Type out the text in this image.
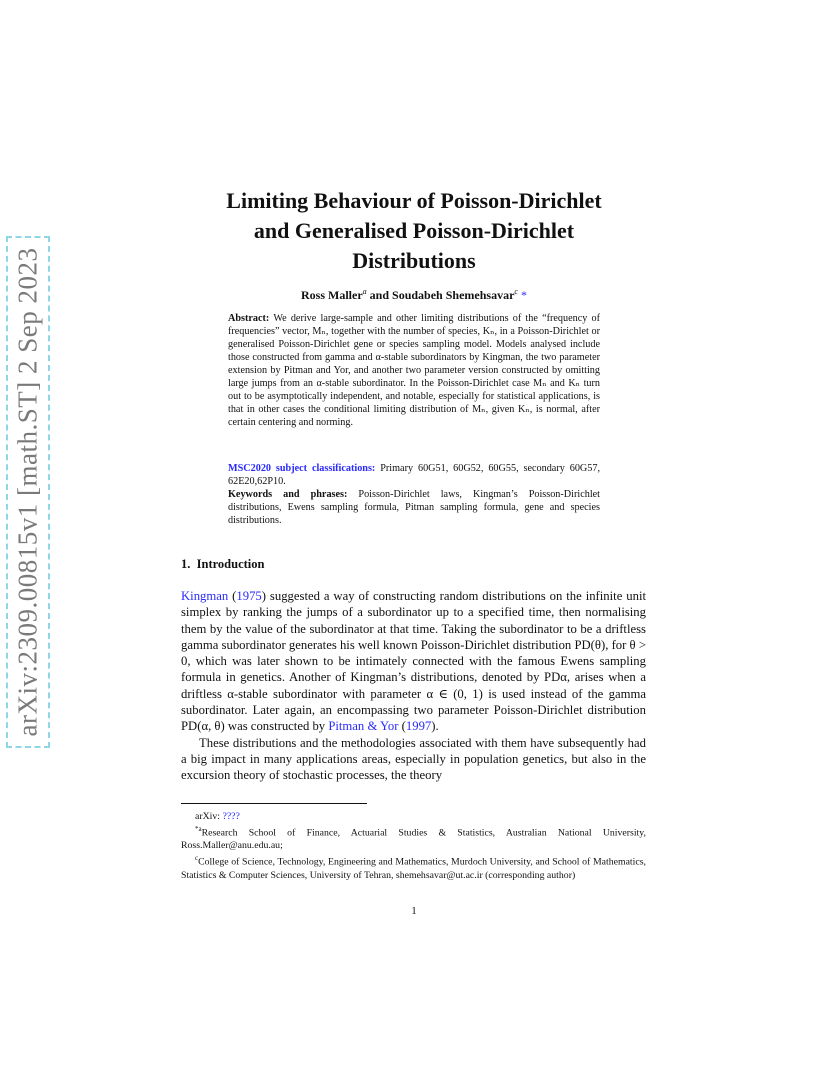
arXiv:2309.00815v1 [math.ST] 2 Sep 2023
Limiting Behaviour of Poisson-Dirichlet
and Generalised Poisson-Dirichlet
Distributions
Ross Maller$^a$ and Soudabeh Shemehsavar$^c$ *
Abstract: We derive large-sample and other limiting distributions of the “frequency of frequencies” vector, Mₙ, together with the number of species, Kₙ, in a Poisson-Dirichlet or generalised Poisson-Dirichlet gene or species sampling model. Models analysed include those constructed from gamma and α-stable subordinators by Kingman, the two parameter extension by Pitman and Yor, and another two parameter version constructed by omitting large jumps from an α-stable subordinator. In the Poisson-Dirichlet case Mₙ and Kₙ turn out to be asymptotically independent, and notable, especially for statistical applications, is that in other cases the conditional limiting distribution of Mₙ, given Kₙ, is normal, after certain centering and norming.
MSC2020 subject classifications: Primary 60G51, 60G52, 60G55, secondary 60G57, 62E20,62P10.
Keywords and phrases: Poisson-Dirichlet laws, Kingman’s Poisson-Dirichlet distributions, Ewens sampling formula, Pitman sampling formula, gene and species distributions.
1. Introduction

Kingman (1975) suggested a way of constructing random distributions on the infinite unit simplex by ranking the jumps of a subordinator up to a specified time, then normalising them by the value of the subordinator at that time. Taking the subordinator to be a driftless gamma subordinator generates his well known Poisson-Dirichlet distribution PD(θ), for θ > 0, which was later shown to be intimately connected with the famous Ewens sampling formula in genetics. Another of Kingman’s distributions, denoted by PDα, arises when a driftless α-stable subordinator with parameter α ∈ (0, 1) is used instead of the gamma subordinator. Later again, an encompassing two parameter Poisson-Dirichlet distribution PD(α, θ) was constructed by Pitman & Yor (1997).

These distributions and the methodologies associated with them have subsequently had a big impact in many applications areas, especially in population genetics, but also in the excursion theory of stochastic processes, the theory

arXiv: ????

$^{*a}$Research School of Finance, Actuarial Studies & Statistics, Australian National University, Ross.Maller@anu.edu.au;

$^c$College of Science, Technology, Engineering and Mathematics, Murdoch University, and School of Mathematics, Statistics & Computer Sciences, University of Tehran, shemehsavar@ut.ac.ir (corresponding author)

1
